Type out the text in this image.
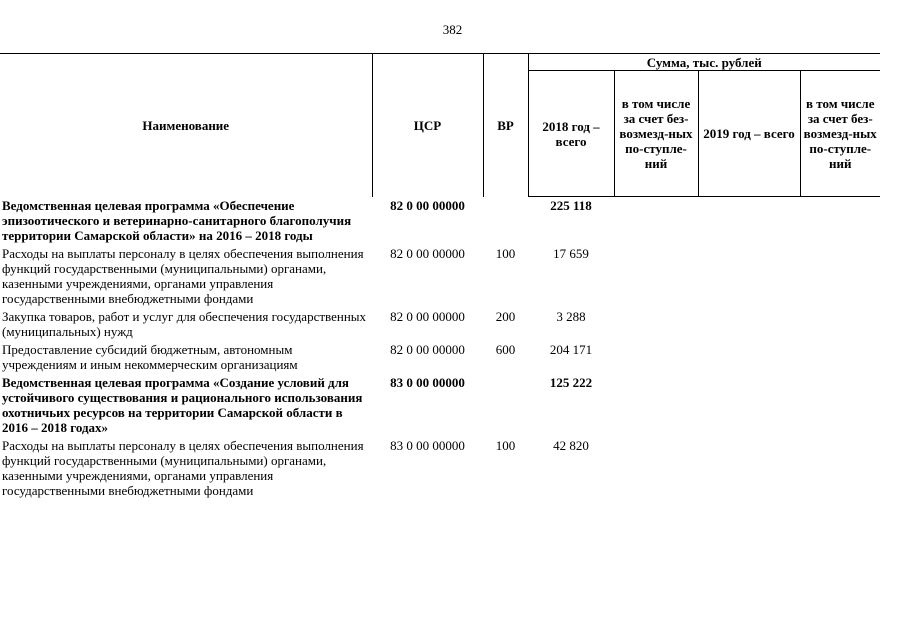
382
Наименование	ЦСР	ВР	Сумма, тыс. рублей			
			2018 год – всего	в том числе за счет без-возмезд-ных по-ступле-ний	2019 год – всего	в том числе за счет без-возмезд-ных по-ступле-ний
Ведомственная целевая программа «Обеспечение эпизоотического и ветеринарно-санитарного благополучия территории Самарской области» на 2016 – 2018 годы	82 0 00 00000		225 118			
Расходы на выплаты персоналу в целях обеспечения выполнения функций государственными (муниципальными) органами, казенными учреждениями, органами управления государственными внебюджетными фондами	82 0 00 00000	100	17 659			
Закупка товаров, работ и услуг для обеспечения государственных (муниципальных) нужд	82 0 00 00000	200	3 288			
Предоставление субсидий бюджетным, автономным учреждениям и иным некоммерческим организациям	82 0 00 00000	600	204 171			
Ведомственная целевая программа «Создание условий для устойчивого существования и рационального использования охотничьих ресурсов на территории Самарской области в 2016 – 2018 годах»	83 0 00 00000		125 222			
Расходы на выплаты персоналу в целях обеспечения выполнения функций государственными (муниципальными) органами, казенными учреждениями, органами управления государственными внебюджетными фондами	83 0 00 00000	100	42 820			
